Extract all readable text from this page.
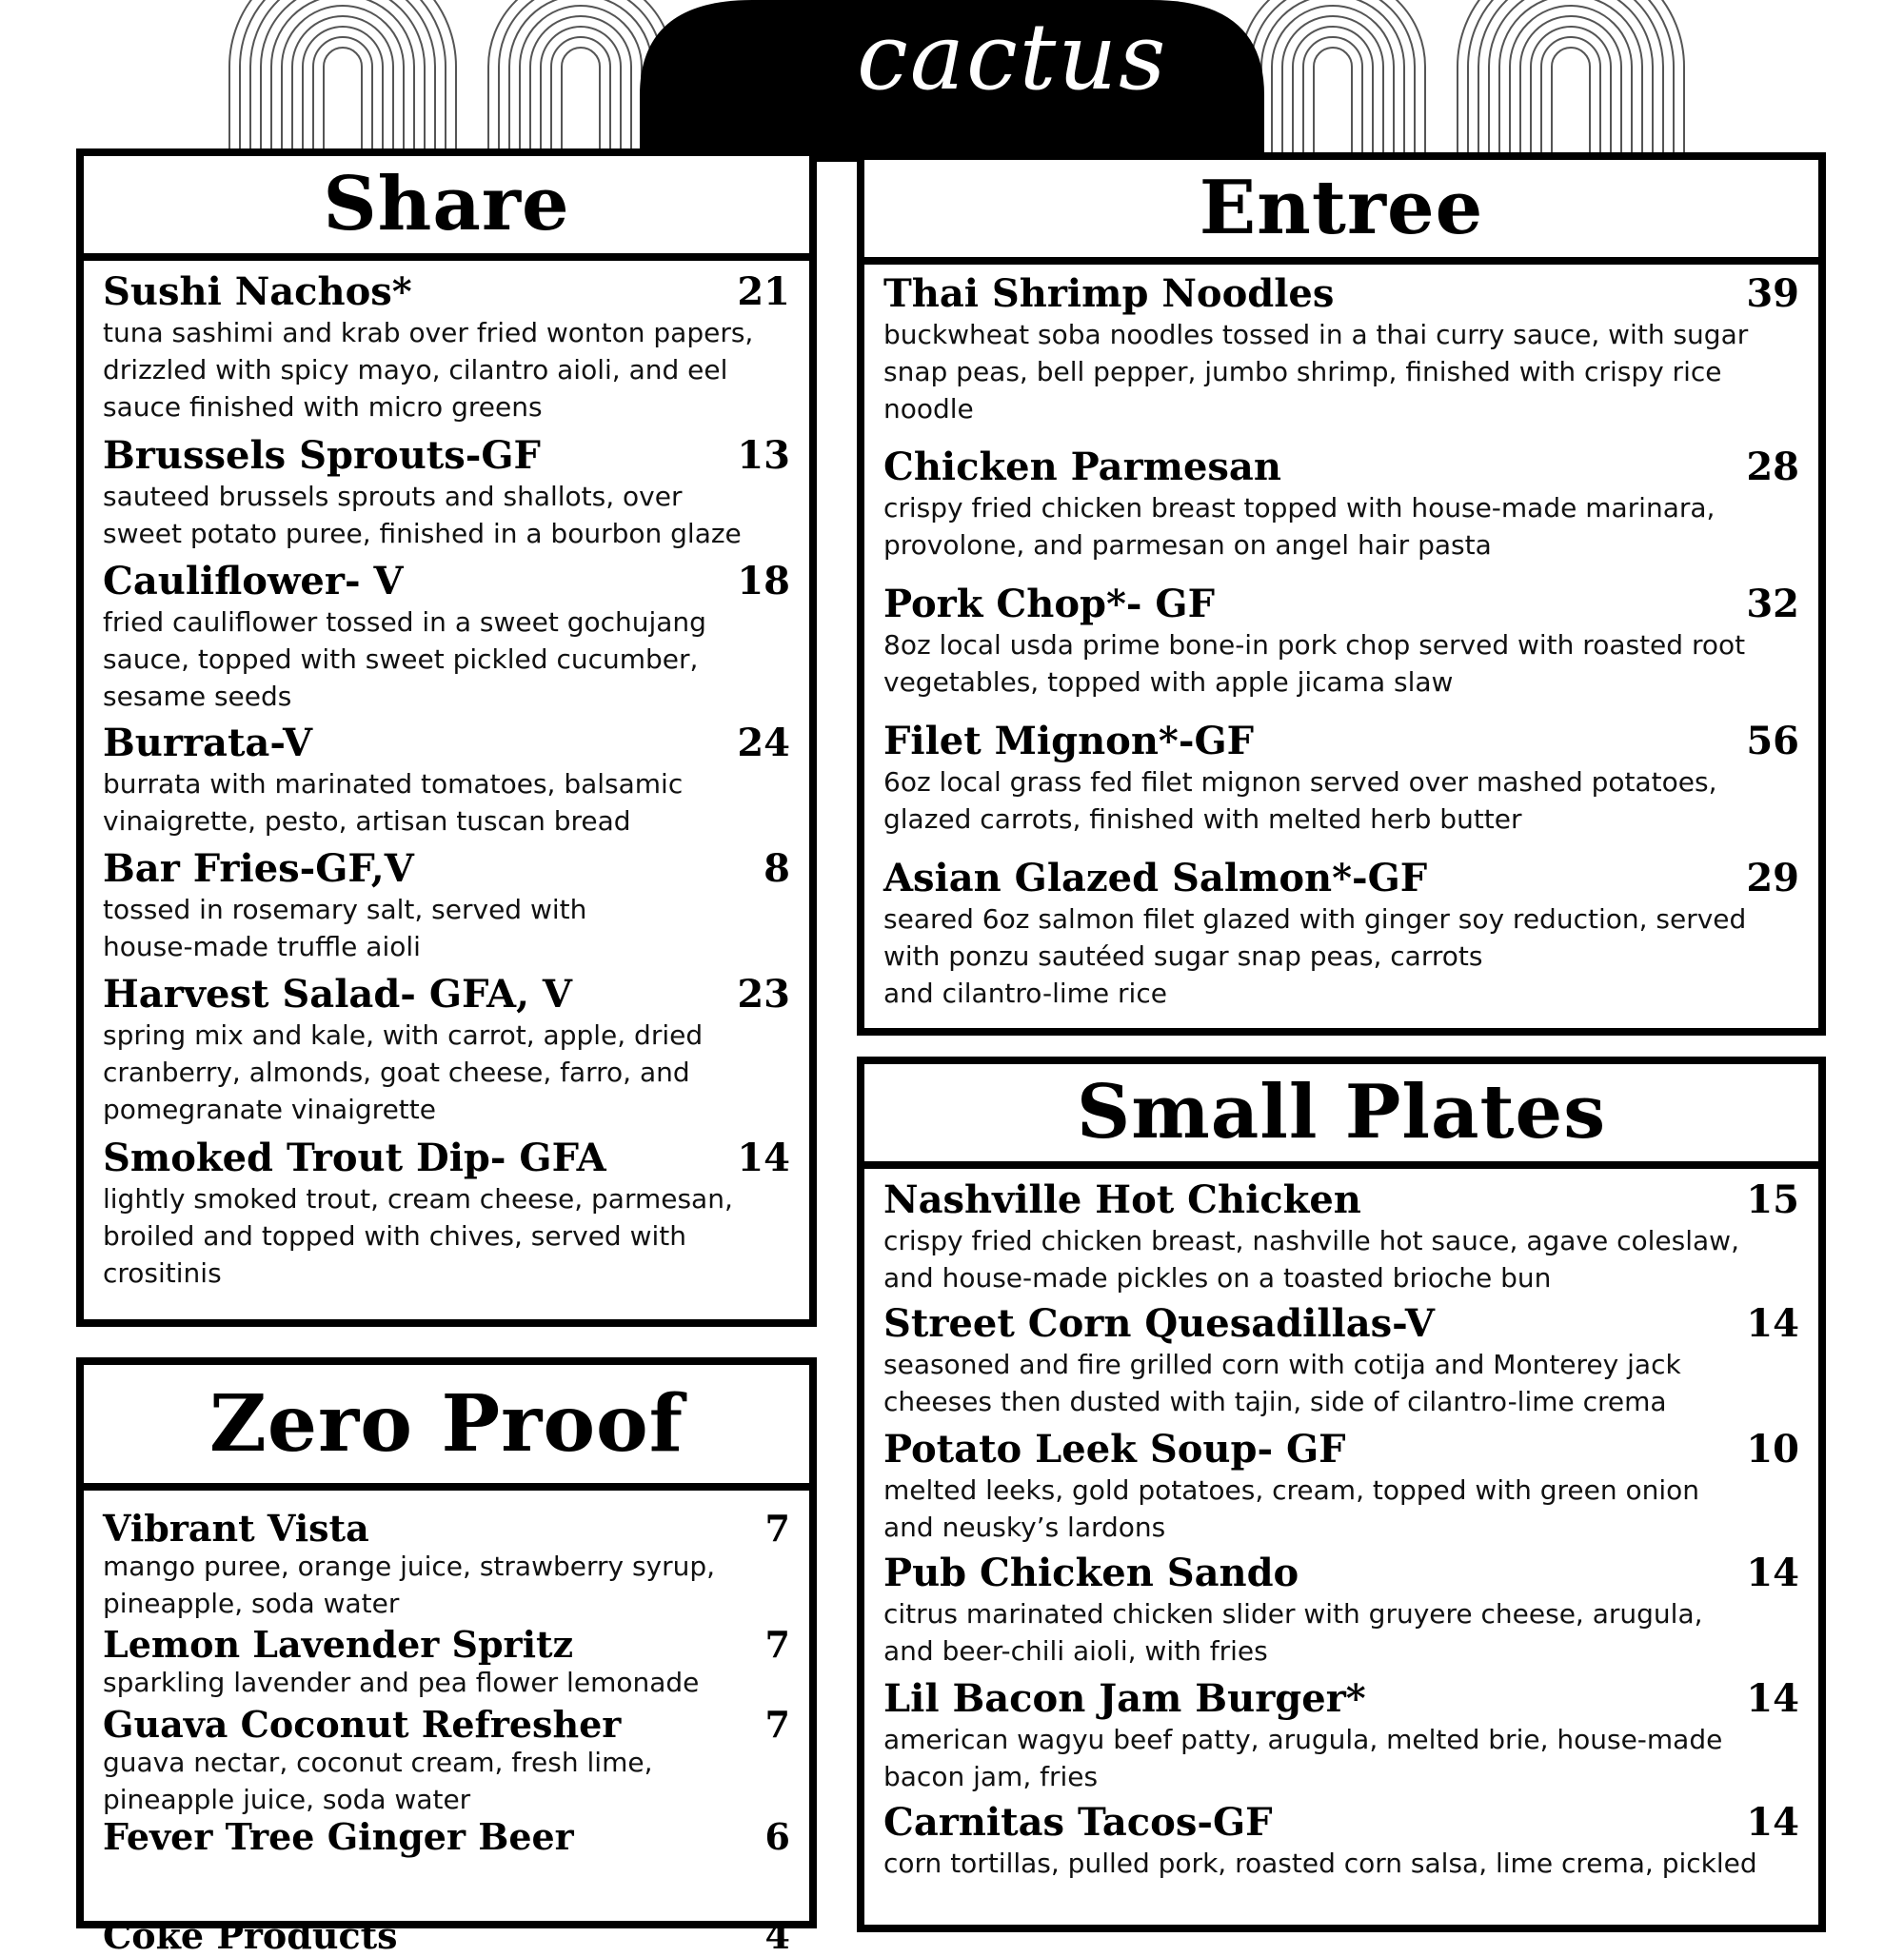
cactus
Share
Sushi Nachos*	21
tuna sashimi and krab over fried wonton papers,
drizzled with spicy mayo, cilantro aioli, and eel
sauce finished with micro greens
Brussels Sprouts-GF	13
sauteed brussels sprouts and shallots, over
sweet potato puree, finished in a bourbon glaze
Cauliflower- V	18
fried cauliflower tossed in a sweet gochujang
sauce, topped with sweet pickled cucumber,
sesame seeds
Burrata-V	24
burrata with marinated tomatoes, balsamic
vinaigrette, pesto, artisan tuscan bread
Bar Fries-GF,V	8
tossed in rosemary salt, served with
house-made truffle aioli
Harvest Salad- GFA, V	23
spring mix and kale, with carrot, apple, dried
cranberry, almonds, goat cheese, farro, and
pomegranate vinaigrette
Smoked Trout Dip- GFA	14
lightly smoked trout, cream cheese, parmesan,
broiled and topped with chives, served with
crositinis
Zero Proof
Vibrant Vista	7
mango puree, orange juice, strawberry syrup,
pineapple, soda water
Lemon Lavender Spritz	7
sparkling lavender and pea flower lemonade
Guava Coconut Refresher	7
guava nectar, coconut cream, fresh lime,
pineapple juice, soda water
Fever Tree Ginger Beer	6
Coke Products	4
Entree
Thai Shrimp Noodles	39
buckwheat soba noodles tossed in a thai curry sauce, with sugar
snap peas, bell pepper, jumbo shrimp, finished with crispy rice
noodle
Chicken Parmesan	28
crispy fried chicken breast topped with house-made marinara,
provolone, and parmesan on angel hair pasta
Pork Chop*- GF	32
8oz local usda prime bone-in pork chop served with roasted root
vegetables, topped with apple jicama slaw
Filet Mignon*-GF	56
6oz local grass fed filet mignon served over mashed potatoes,
glazed carrots, finished with melted herb butter
Asian Glazed Salmon*-GF	29
seared 6oz salmon filet glazed with ginger soy reduction, served
with ponzu sautéed sugar snap peas, carrots
and cilantro-lime rice
Small Plates
Nashville Hot Chicken	15
crispy fried chicken breast, nashville hot sauce, agave coleslaw,
and house-made pickles on a toasted brioche bun
Street Corn Quesadillas-V	14
seasoned and fire grilled corn with cotija and Monterey jack
cheeses then dusted with tajin, side of cilantro-lime crema
Potato Leek Soup- GF	10
melted leeks, gold potatoes, cream, topped with green onion
and neusky’s lardons
Pub Chicken Sando	14
citrus marinated chicken slider with gruyere cheese, arugula,
and beer-chili aioli, with fries
Lil Bacon Jam Burger*	14
american wagyu beef patty, arugula, melted brie, house-made
bacon jam, fries
Carnitas Tacos-GF	14
corn tortillas, pulled pork, roasted corn salsa, lime crema, pickled
